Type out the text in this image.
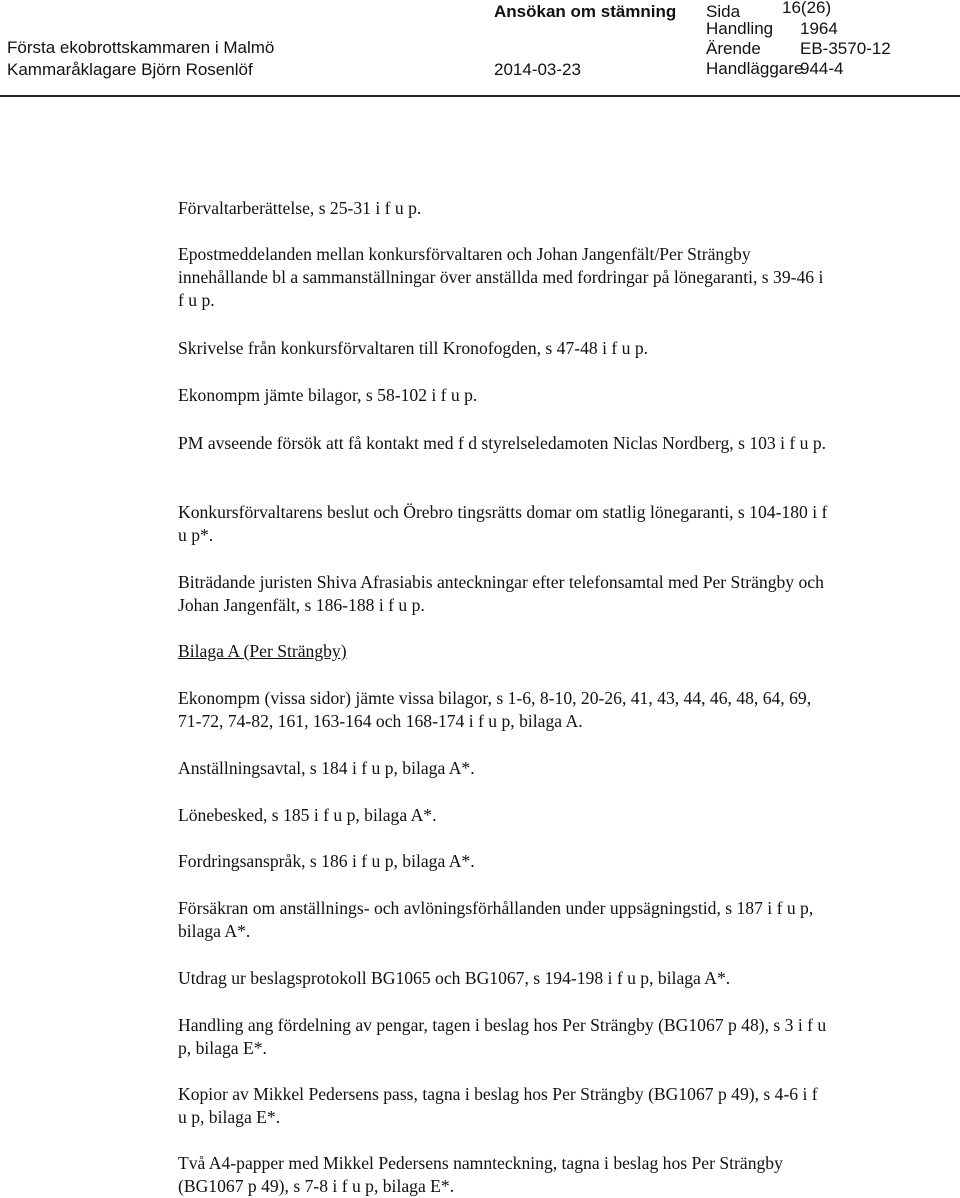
Ansökan om stämning
Första ekobrottskammaren i Malmö
Kammaråklagare Björn Rosenlöf	2014-03-23
Sida 16(26)
Handling 1964
Ärende EB-3570-12
Handläggare
944-4

Förvaltarberättelse, s 25-31 i f u p.

Epostmeddelanden mellan konkursförvaltaren och Johan Jangenfält/Per Strängby innehållande bl a sammanställningar över anställda med fordringar på lönegaranti, s 39-46 i f u p.

Skrivelse från konkursförvaltaren till Kronofogden, s 47-48 i f u p.

Ekonompm jämte bilagor, s 58-102 i f u p.

PM avseende försök att få kontakt med f d styrelseledamoten Niclas Nordberg, s 103 i f u p.

Konkursförvaltarens beslut och Örebro tingsrätts domar om statlig lönegaranti, s 104-180 i f u p*.

Biträdande juristen Shiva Afrasiabis anteckningar efter telefonsamtal med Per Strängby och Johan Jangenfält, s 186-188 i f u p.

Bilaga A (Per Strängby)

Ekonompm (vissa sidor) jämte vissa bilagor, s 1-6, 8-10, 20-26, 41, 43, 44, 46, 48, 64, 69, 71-72, 74-82, 161, 163-164 och 168-174 i f u p, bilaga A.

Anställningsavtal, s 184 i f u p, bilaga A*.

Lönebesked, s 185 i f u p, bilaga A*.

Fordringsanspråk, s 186 i f u p, bilaga A*.

Försäkran om anställnings- och avlöningsförhållanden under uppsägningstid, s 187 i f u p, bilaga A*.

Utdrag ur beslagsprotokoll BG1065 och BG1067, s 194-198 i f u p, bilaga A*.

Handling ang fördelning av pengar, tagen i beslag hos Per Strängby (BG1067 p 48), s 3 i f u p, bilaga E*.

Kopior av Mikkel Pedersens pass, tagna i beslag hos Per Strängby (BG1067 p 49), s 4-6 i f u p, bilaga E*.

Två A4-papper med Mikkel Pedersens namnteckning, tagna i beslag hos Per Strängby (BG1067 p 49), s 7-8 i f u p, bilaga E*.
